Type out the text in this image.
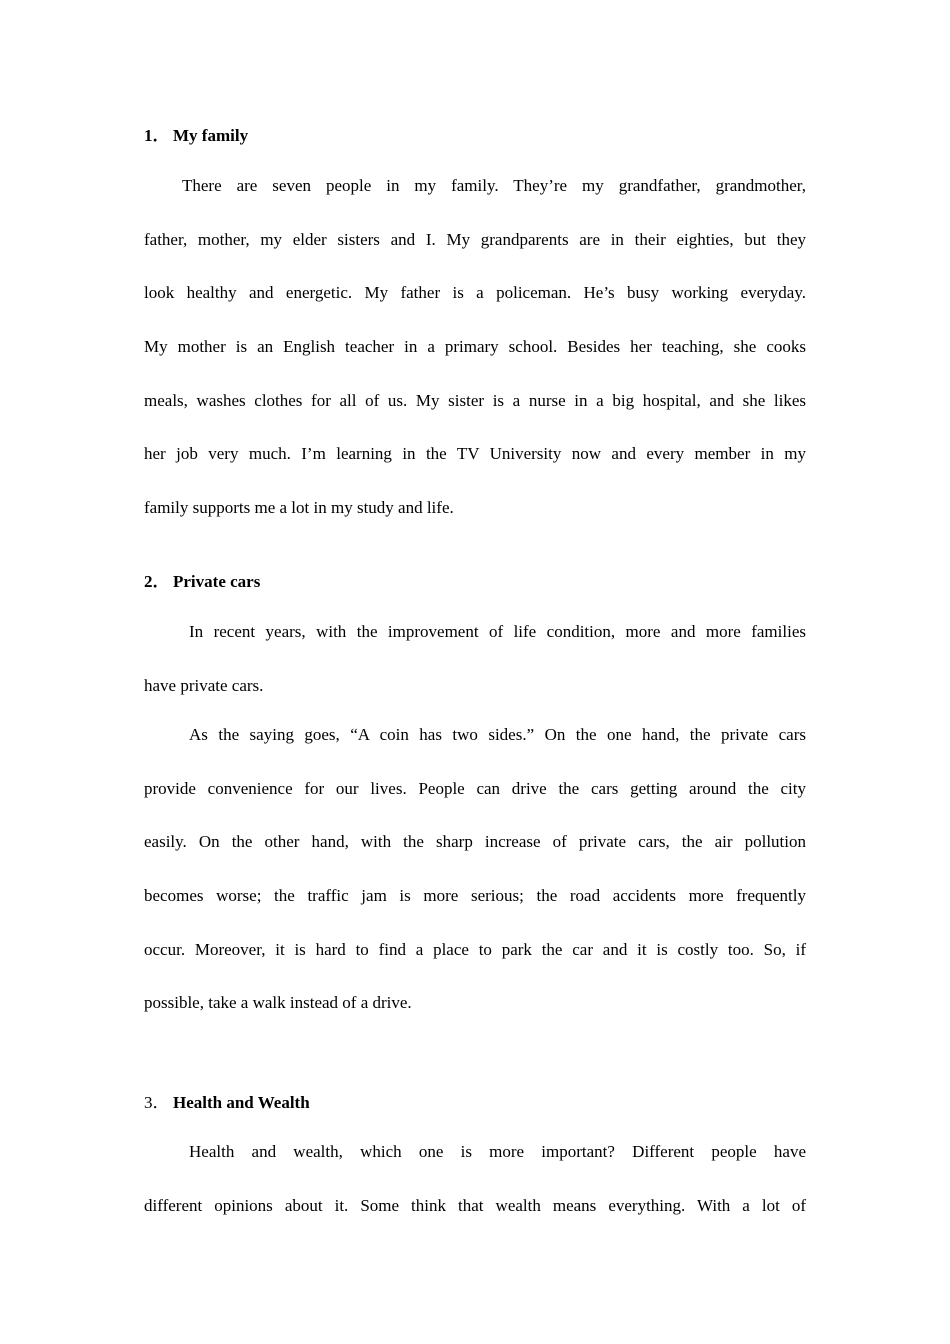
1． My family
There are seven people in my family. They’re my grandfather, grandmother,
father, mother, my elder sisters and I. My grandparents are in their eighties, but they
look healthy and energetic. My father is a policeman. He’s busy working everyday.
My mother is an English teacher in a primary school. Besides her teaching, she cooks
meals, washes clothes for all of us. My sister is a nurse in a big hospital, and she likes
her job very much. I’m learning in the TV University now and every member in my
family supports me a lot in my study and life.
2． Private cars
In recent years, with the improvement of life condition, more and more families
have private cars.
As the saying goes, “A coin has two sides.” On the one hand, the private cars
provide convenience for our lives. People can drive the cars getting around the city
easily. On the other hand, with the sharp increase of private cars, the air pollution
becomes worse; the traffic jam is more serious; the road accidents more frequently
occur. Moreover, it is hard to find a place to park the car and it is costly too. So, if
possible, take a walk instead of a drive.
3． Health and Wealth
Health and wealth, which one is more important? Different people have
different opinions about it. Some think that wealth means everything. With a lot of
